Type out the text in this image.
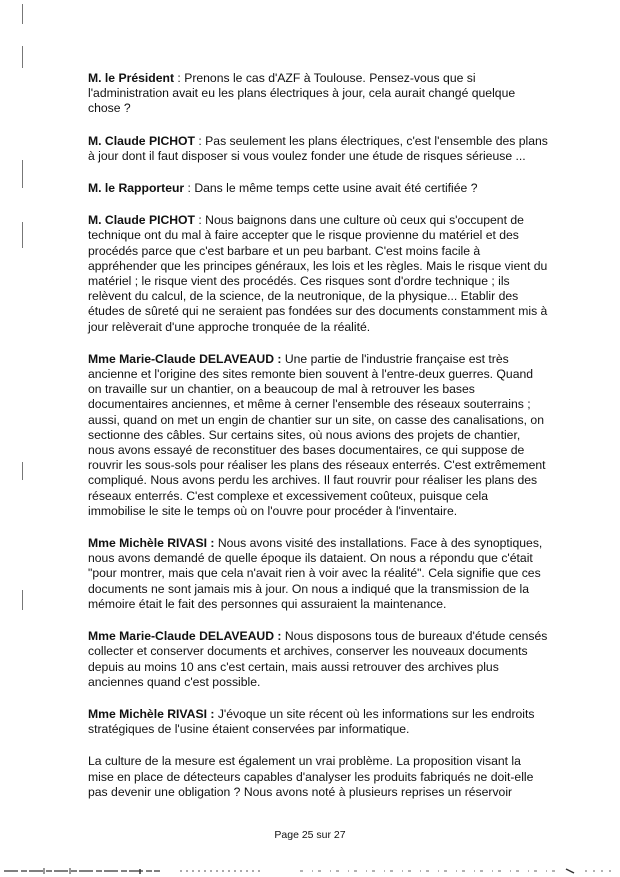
M. le Président : Prenons le cas d'AZF à Toulouse. Pensez-vous que si l'administration avait eu les plans électriques à jour, cela aurait changé quelque chose ?

M. Claude PICHOT : Pas seulement les plans électriques, c'est l'ensemble des plans à jour dont il faut disposer si vous voulez fonder une étude de risques sérieuse ...

M. le Rapporteur : Dans le même temps cette usine avait été certifiée ?

M. Claude PICHOT : Nous baignons dans une culture où ceux qui s'occupent de technique ont du mal à faire accepter que le risque provienne du matériel et des procédés parce que c'est barbare et un peu barbant. C'est moins facile à appréhender que les principes généraux, les lois et les règles. Mais le risque vient du matériel ; le risque vient des procédés. Ces risques sont d'ordre technique ; ils relèvent du calcul, de la science, de la neutronique, de la physique... Etablir des études de sûreté qui ne seraient pas fondées sur des documents constamment mis à jour relèverait d'une approche tronquée de la réalité.

Mme Marie-Claude DELAVEAUD : Une partie de l'industrie française est très ancienne et l'origine des sites remonte bien souvent à l'entre-deux guerres. Quand on travaille sur un chantier, on a beaucoup de mal à retrouver les bases documentaires anciennes, et même à cerner l'ensemble des réseaux souterrains ; aussi, quand on met un engin de chantier sur un site, on casse des canalisations, on sectionne des câbles. Sur certains sites, où nous avions des projets de chantier, nous avons essayé de reconstituer des bases documentaires, ce qui suppose de rouvrir les sous-sols pour réaliser les plans des réseaux enterrés. C'est extrêmement compliqué. Nous avons perdu les archives. Il faut rouvrir pour réaliser les plans des réseaux enterrés. C'est complexe et excessivement coûteux, puisque cela immobilise le site le temps où on l'ouvre pour procéder à l'inventaire.

Mme Michèle RIVASI : Nous avons visité des installations. Face à des synoptiques, nous avons demandé de quelle époque ils dataient. On nous a répondu que c'était "pour montrer, mais que cela n'avait rien à voir avec la réalité". Cela signifie que ces documents ne sont jamais mis à jour. On nous a indiqué que la transmission de la mémoire était le fait des personnes qui assuraient la maintenance.

Mme Marie-Claude DELAVEAUD : Nous disposons tous de bureaux d'étude censés collecter et conserver documents et archives, conserver les nouveaux documents depuis au moins 10 ans c'est certain, mais aussi retrouver des archives plus anciennes quand c'est possible.

Mme Michèle RIVASI : J'évoque un site récent où les informations sur les endroits stratégiques de l'usine étaient conservées par informatique.

La culture de la mesure est également un vrai problème. La proposition visant la mise en place de détecteurs capables d'analyser les produits fabriqués ne doit-elle pas devenir une obligation ? Nous avons noté à plusieurs reprises un réservoir

Page 25 sur 27
